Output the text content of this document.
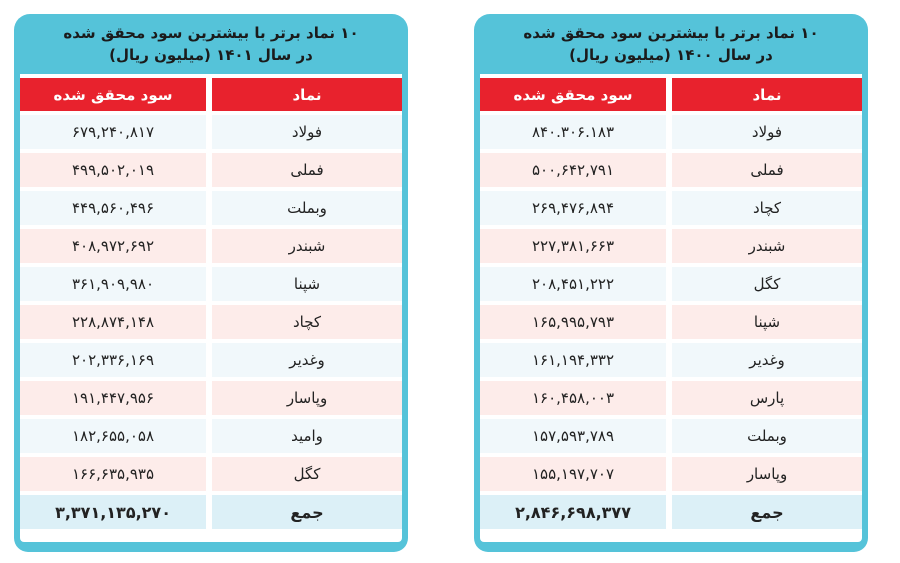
۱۰ نماد برتر با بیشترین سود محقق شده
در سال ۱۴۰۱ (میلیون ریال)
نماد
سود محقق شده
فولاد
۶۷۹,۲۴۰,۸۱۷
فملی
۴۹۹,۵۰۲,۰۱۹
وبملت
۴۴۹,۵۶۰,۴۹۶
شبندر
۴۰۸,۹۷۲,۶۹۲
شپنا
۳۶۱,۹۰۹,۹۸۰
کچاد
۲۲۸,۸۷۴,۱۴۸
وغدیر
۲۰۲,۳۳۶,۱۶۹
وپاسار
۱۹۱,۴۴۷,۹۵۶
وامید
۱۸۲,۶۵۵,۰۵۸
کگل
۱۶۶,۶۳۵,۹۳۵
جمع
۳,۳۷۱,۱۳۵,۲۷۰
۱۰ نماد برتر با بیشترین سود محقق شده
در سال ۱۴۰۰ (میلیون ریال)
نماد
سود محقق شده
فولاد
۸۴۰.۳۰۶.۱۸۳
فملی
۵۰۰,۶۴۲,۷۹۱
کچاد
۲۶۹,۴۷۶,۸۹۴
شبندر
۲۲۷,۳۸۱,۶۶۳
کگل
۲۰۸,۴۵۱,۲۲۲
شپنا
۱۶۵,۹۹۵,۷۹۳
وغدیر
۱۶۱,۱۹۴,۳۳۲
پارس
۱۶۰,۴۵۸,۰۰۳
وبملت
۱۵۷,۵۹۳,۷۸۹
وپاسار
۱۵۵,۱۹۷,۷۰۷
جمع
۲,۸۴۶,۶۹۸,۳۷۷
